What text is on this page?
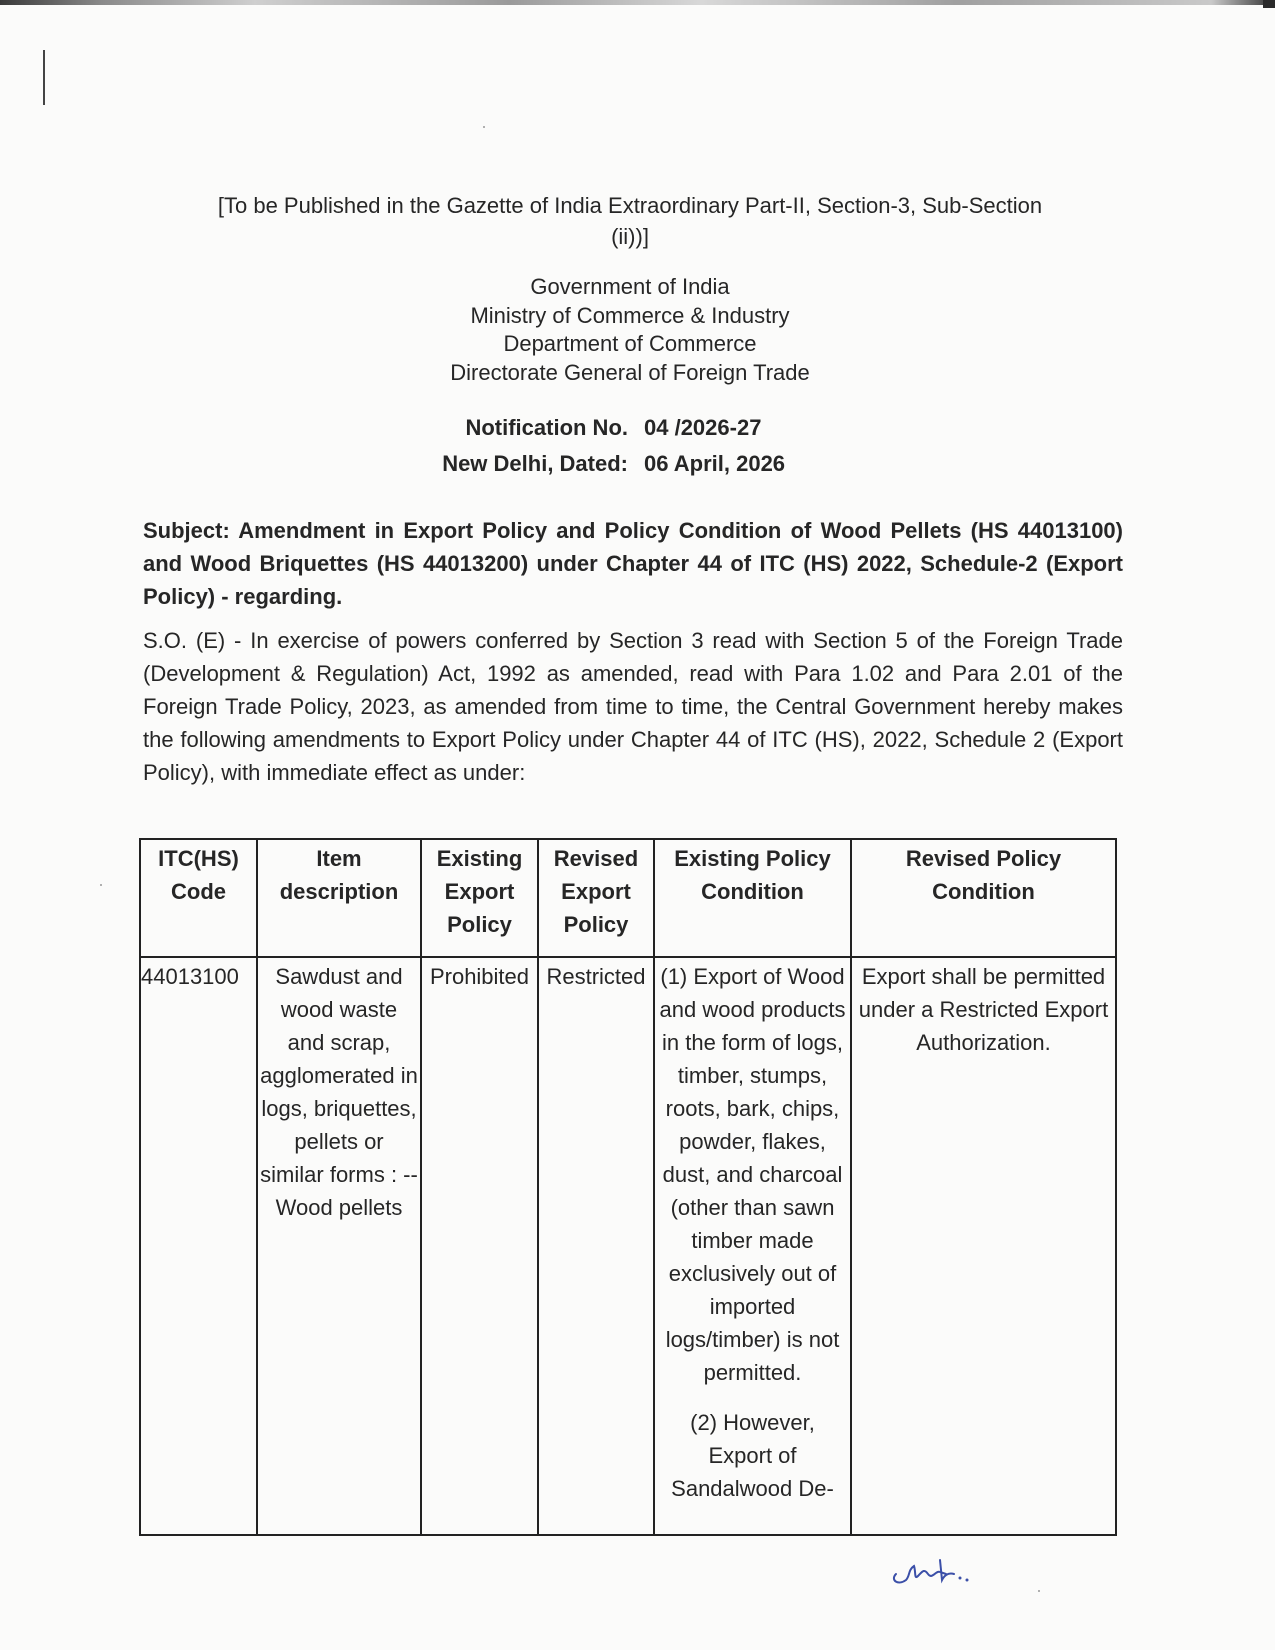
[To be Published in the Gazette of India Extraordinary Part-II, Section-3, Sub-Section
(ii))]
Government of India
Ministry of Commerce & Industry
Department of Commerce
Directorate General of Foreign Trade
Notification No. 04 /2026-27
New Delhi, Dated: 06 April, 2026
Subject: Amendment in Export Policy and Policy Condition of Wood Pellets (HS 44013100) and Wood Briquettes (HS 44013200) under Chapter 44 of ITC (HS) 2022, Schedule-2 (Export Policy) - regarding.
S.O. (E) - In exercise of powers conferred by Section 3 read with Section 5 of the Foreign Trade (Development & Regulation) Act, 1992 as amended, read with Para 1.02 and Para 2.01 of the Foreign Trade Policy, 2023, as amended from time to time, the Central Government hereby makes the following amendments to Export Policy under Chapter 44 of ITC (HS), 2022, Schedule 2 (Export Policy), with immediate effect as under:
ITC(HS) Code	Item description	Existing Export Policy	Revised Export Policy	Existing Policy Condition	Revised Policy Condition
44013100	Sawdust and wood waste and scrap, agglomerated in logs, briquettes, pellets or similar forms : -- Wood pellets	Prohibited	Restricted	(1) Export of Wood and wood products in the form of logs, timber, stumps, roots, bark, chips, powder, flakes, dust, and charcoal (other than sawn timber made exclusively out of imported logs/timber) is not permitted.

(2) However, Export of Sandalwood De-	Export shall be permitted under a Restricted Export Authorization.
